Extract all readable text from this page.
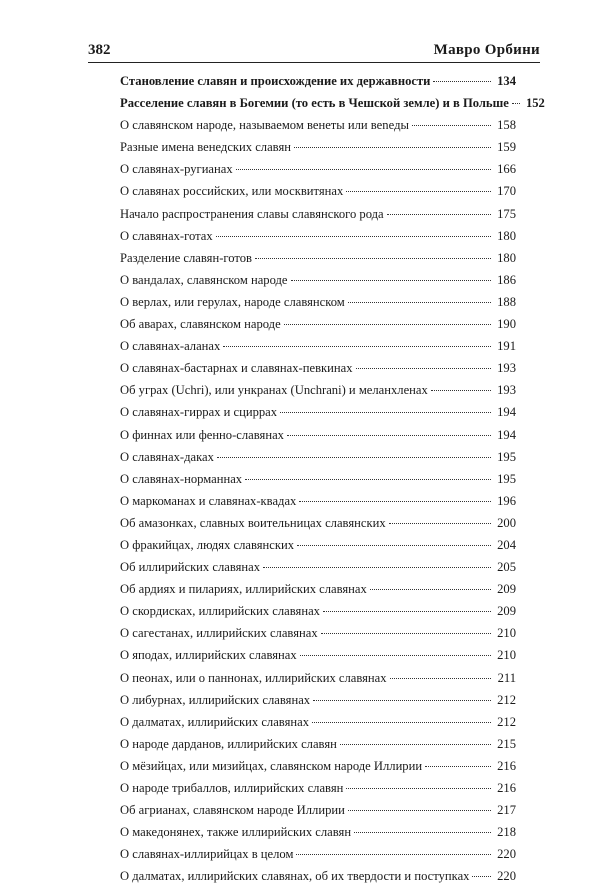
382	Мавро Орбини
Становление славян и происхождение их державности	134
Расселение славян в Богемии (то есть в Чешской земле) и в Польше 152
О славянском народе, называемом венеты или веneды	158
Разные имена венедских славян	159
О славянах-ругианах	166
О славянах российских, или москвитянах	170
Начало распространения славы славянского рода	175
О славянах-готах	180
Разделение славян-готов	180
О вандалах, славянском народе	186
О верлах, или герулах, народе славянском	188
Об аварах, славянском народе	190
О славянах-аланах	191
О славянах-бастарнах и славянах-певкинах	193
Об уграх (Uchri), или ункранах (Unchrani) и меланхленах	193
О славянах-гиррах и сциррах	194
О финнах или фенно-славянах	194
О славянах-даках	195
О славянах-норманнах	195
О маркоманах и славянах-квадах	196
Об амазонках, славных воительницах славянских	200
О фракийцах, людях славянских	204
Об иллирийских славянах	205
Об ардиях и пилариях, иллирийских славянах	209
О скордисках, иллирийских славянах	209
О сагестанах, иллирийских славянах	210
О яподах, иллирийских славянах	210
О пеонах, или о паннонах, иллирийских славянах	211
О либурнах, иллирийских славянах	212
О далматах, иллирийских славянах	212
О народе дарданов, иллирийских славян	215
О мёзийцах, или мизийцах, славянском народе Иллирии	216
О народе трибаллов, иллирийских славян	216
Об агрианах, славянском народе Иллирии	217
О македонянех, также иллирийских славян	218
О славянах-иллирийцах в целом	220
О далматах, иллирийских славянах, об их твердости и поступках 220
